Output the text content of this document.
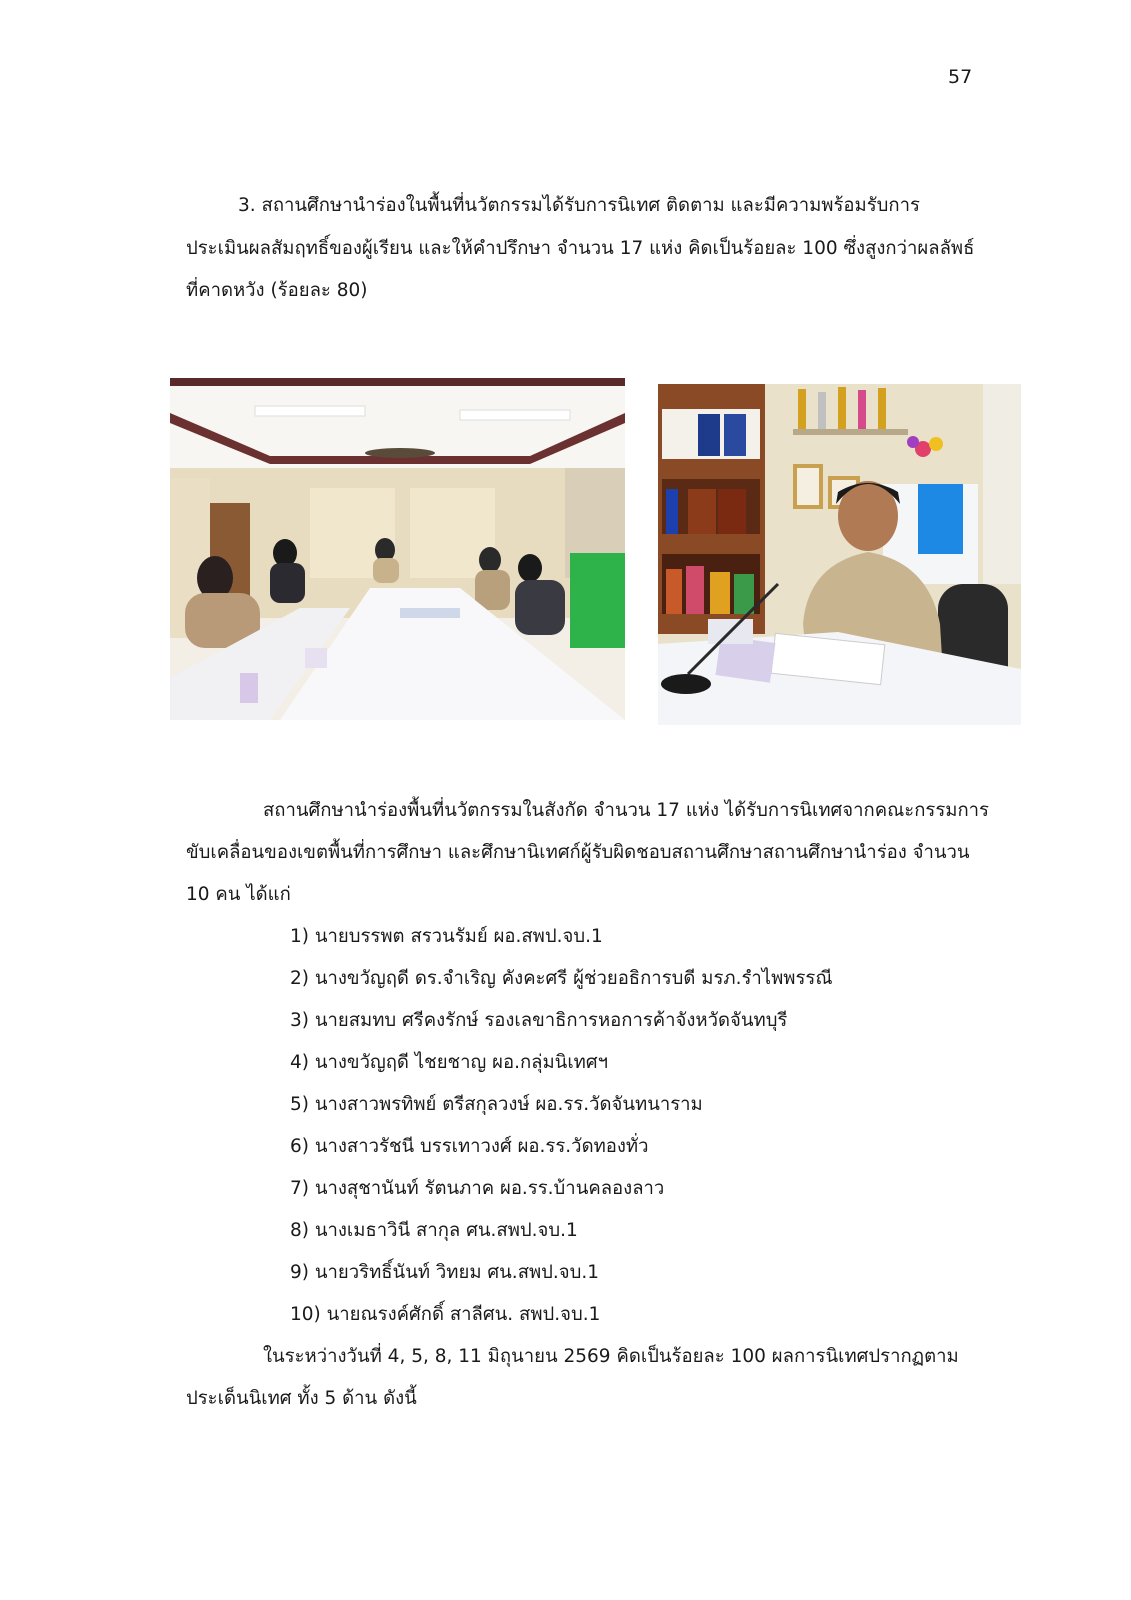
57
3. สถานศึกษานำร่องในพื้นที่นวัตกรรมได้รับการนิเทศ ติดตาม และมีความพร้อมรับการ
ประเมินผลสัมฤทธิ์ของผู้เรียน และให้คำปรึกษา จำนวน 17 แห่ง คิดเป็นร้อยละ 100 ซึ่งสูงกว่าผลลัพธ์
ที่คาดหวัง (ร้อยละ 80)
สถานศึกษานำร่องพื้นที่นวัตกรรมในสังกัด จำนวน 17 แห่ง ได้รับการนิเทศจากคณะกรรมการ
ขับเคลื่อนของเขตพื้นที่การศึกษา และศึกษานิเทศก์ผู้รับผิดชอบสถานศึกษาสถานศึกษานำร่อง จำนวน
10 คน ได้แก่
1) นายบรรพต สรวนรัมย์ ผอ.สพป.จบ.1
2) นางขวัญฤดี ดร.จำเริญ คังคะศรี ผู้ช่วยอธิการบดี มรภ.รำไพพรรณี
3) นายสมทบ ศรีคงรักษ์ รองเลขาธิการหอการค้าจังหวัดจันทบุรี
4) นางขวัญฤดี ไชยชาญ ผอ.กลุ่มนิเทศฯ
5) นางสาวพรทิพย์ ตรีสกุลวงษ์ ผอ.รร.วัดจันทนาราม
6) นางสาวรัชนี บรรเทาวงศ์ ผอ.รร.วัดทองทั่ว
7) นางสุชานันท์ รัตนภาค ผอ.รร.บ้านคลองลาว
8) นางเมธาวินี สากุล ศน.สพป.จบ.1
9) นายวริทธิ์นันท์ วิทยม ศน.สพป.จบ.1
10) นายณรงค์ศักดิ์ สาลีศน. สพป.จบ.1
ในระหว่างวันที่ 4, 5, 8, 11 มิถุนายน 2569 คิดเป็นร้อยละ 100 ผลการนิเทศปรากฏตาม
ประเด็นนิเทศ ทั้ง 5 ด้าน ดังนี้
